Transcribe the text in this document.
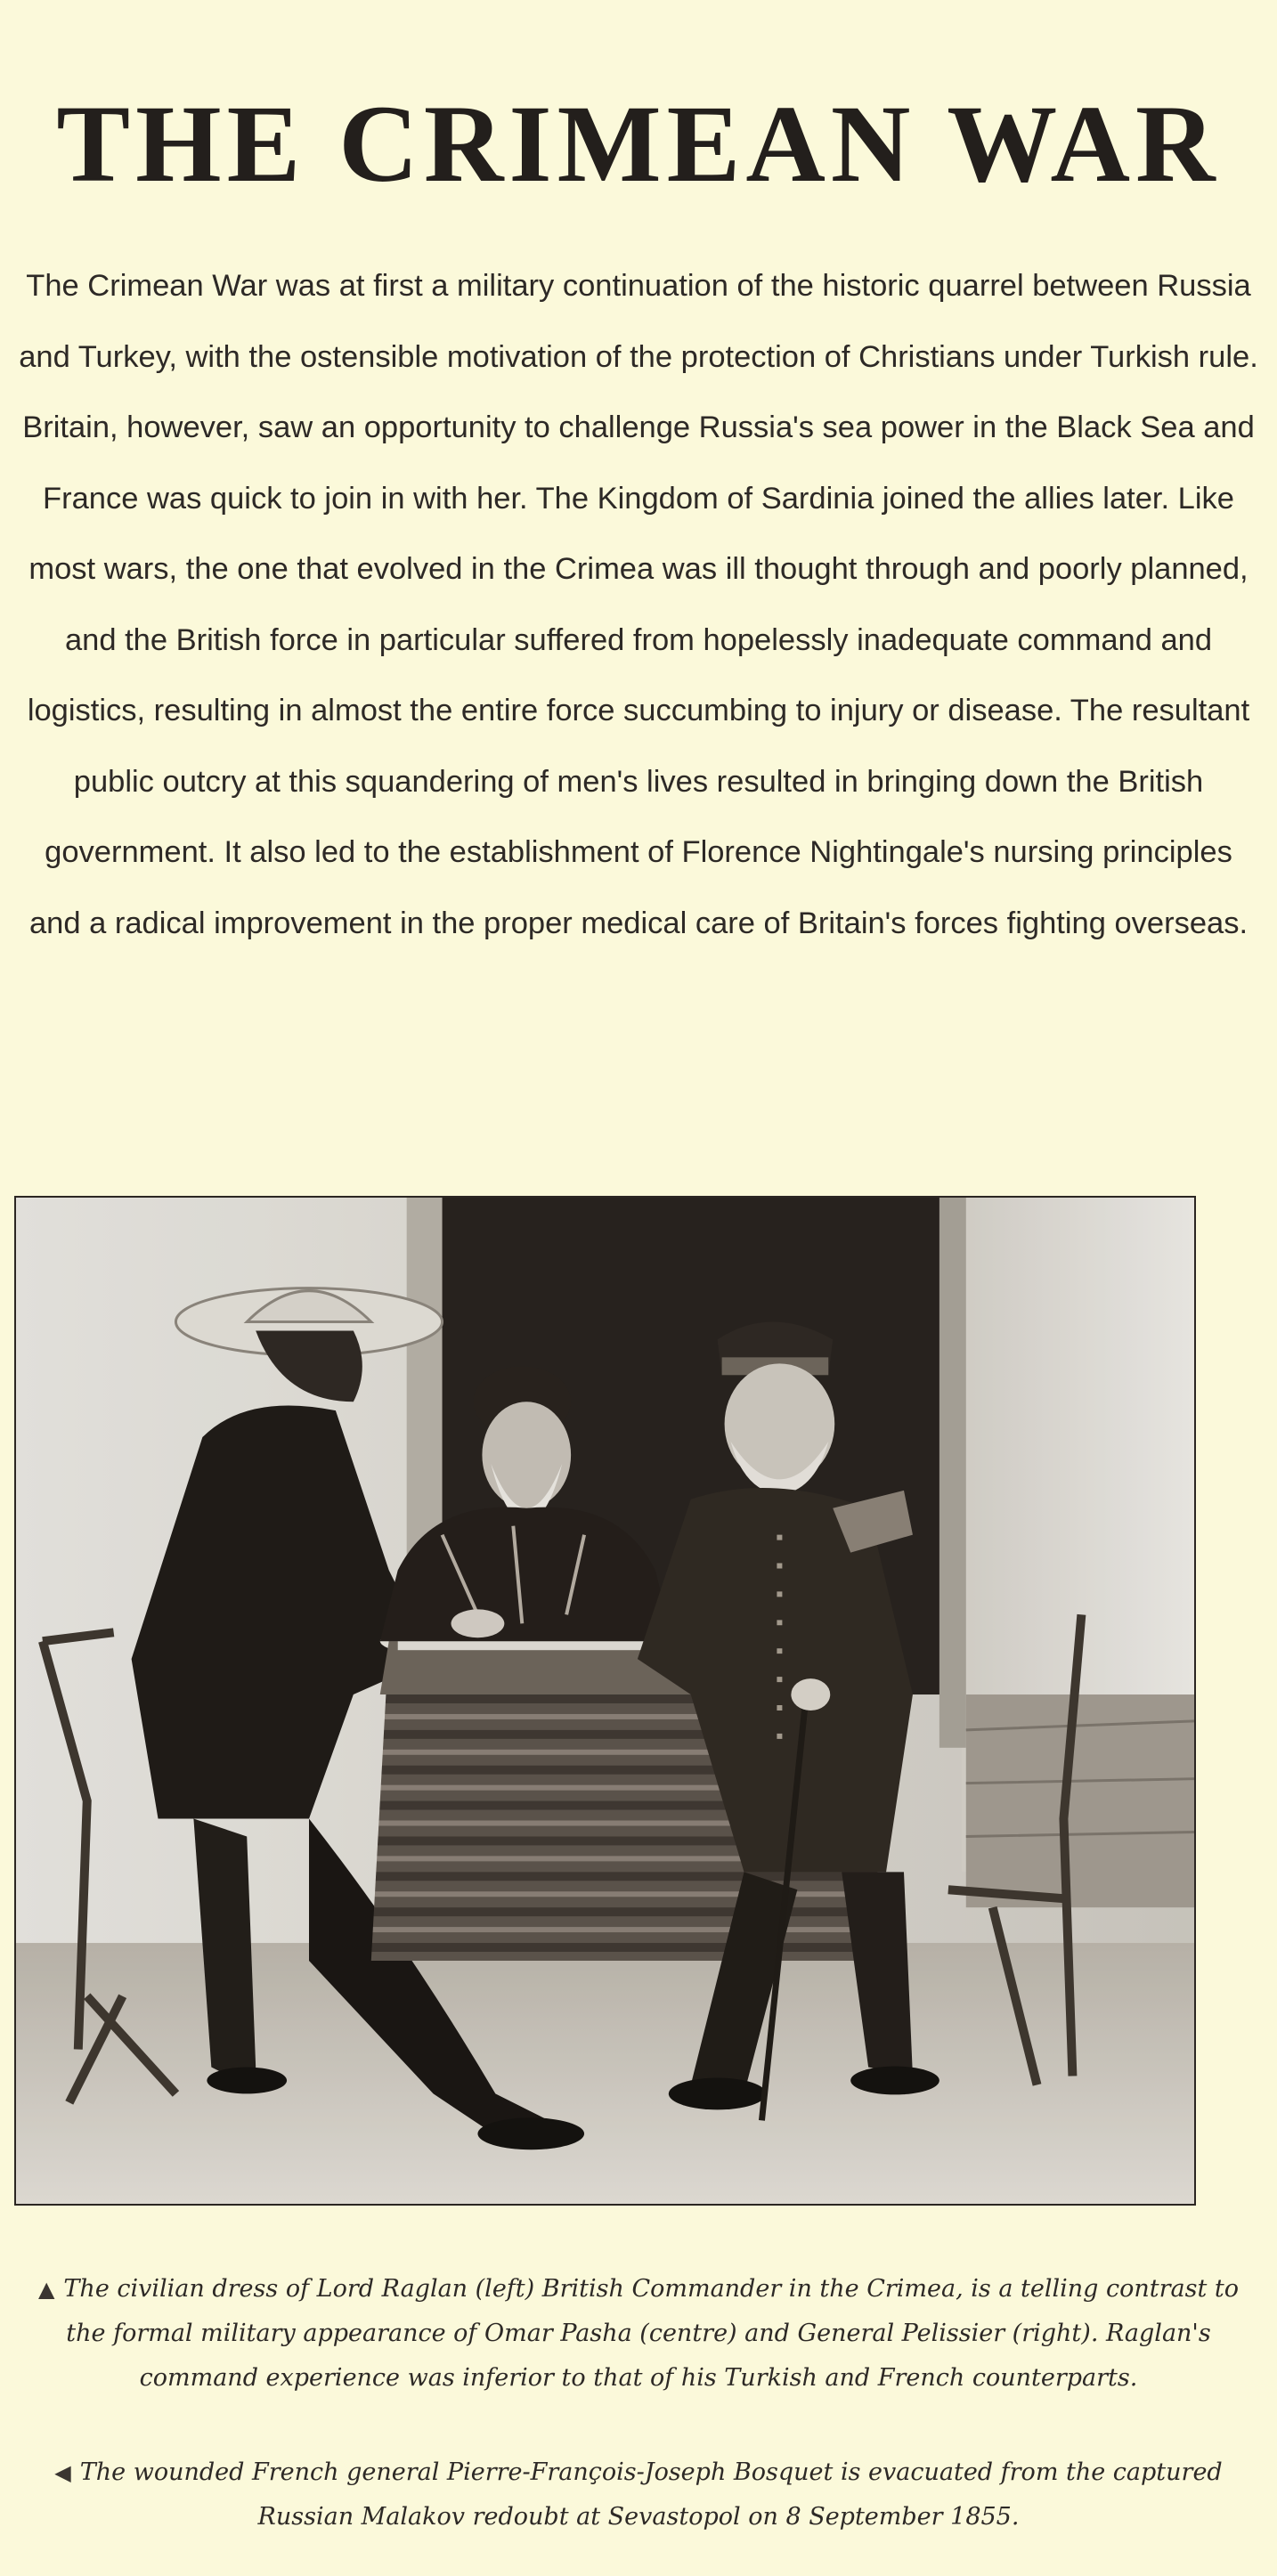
THE CRIMEAN WAR

The Crimean War was at first a military continuation of the historic quarrel between Russia and Turkey, with the ostensible motivation of the protection of Christians under Turkish rule. Britain, however, saw an opportunity to challenge Russia's sea power in the Black Sea and France was quick to join in with her. The Kingdom of Sardinia joined the allies later. Like most wars, the one that evolved in the Crimea was ill thought through and poorly planned, and the British force in particular suffered from hopelessly inadequate command and logistics, resulting in almost the entire force succumbing to injury or disease. The resultant public outcry at this squandering of men's lives resulted in bringing down the British government. It also led to the establishment of Florence Nightingale's nursing principles and a radical improvement in the proper medical care of Britain's forces fighting overseas.

▲ The civilian dress of Lord Raglan (left) British Commander in the Crimea, is a telling contrast to the formal military appearance of Omar Pasha (centre) and General Pelissier (right). Raglan's command experience was inferior to that of his Turkish and French counterparts.

◀ The wounded French general Pierre-François-Joseph Bosquet is evacuated from the captured Russian Malakov redoubt at Sevastopol on 8 September 1855.
